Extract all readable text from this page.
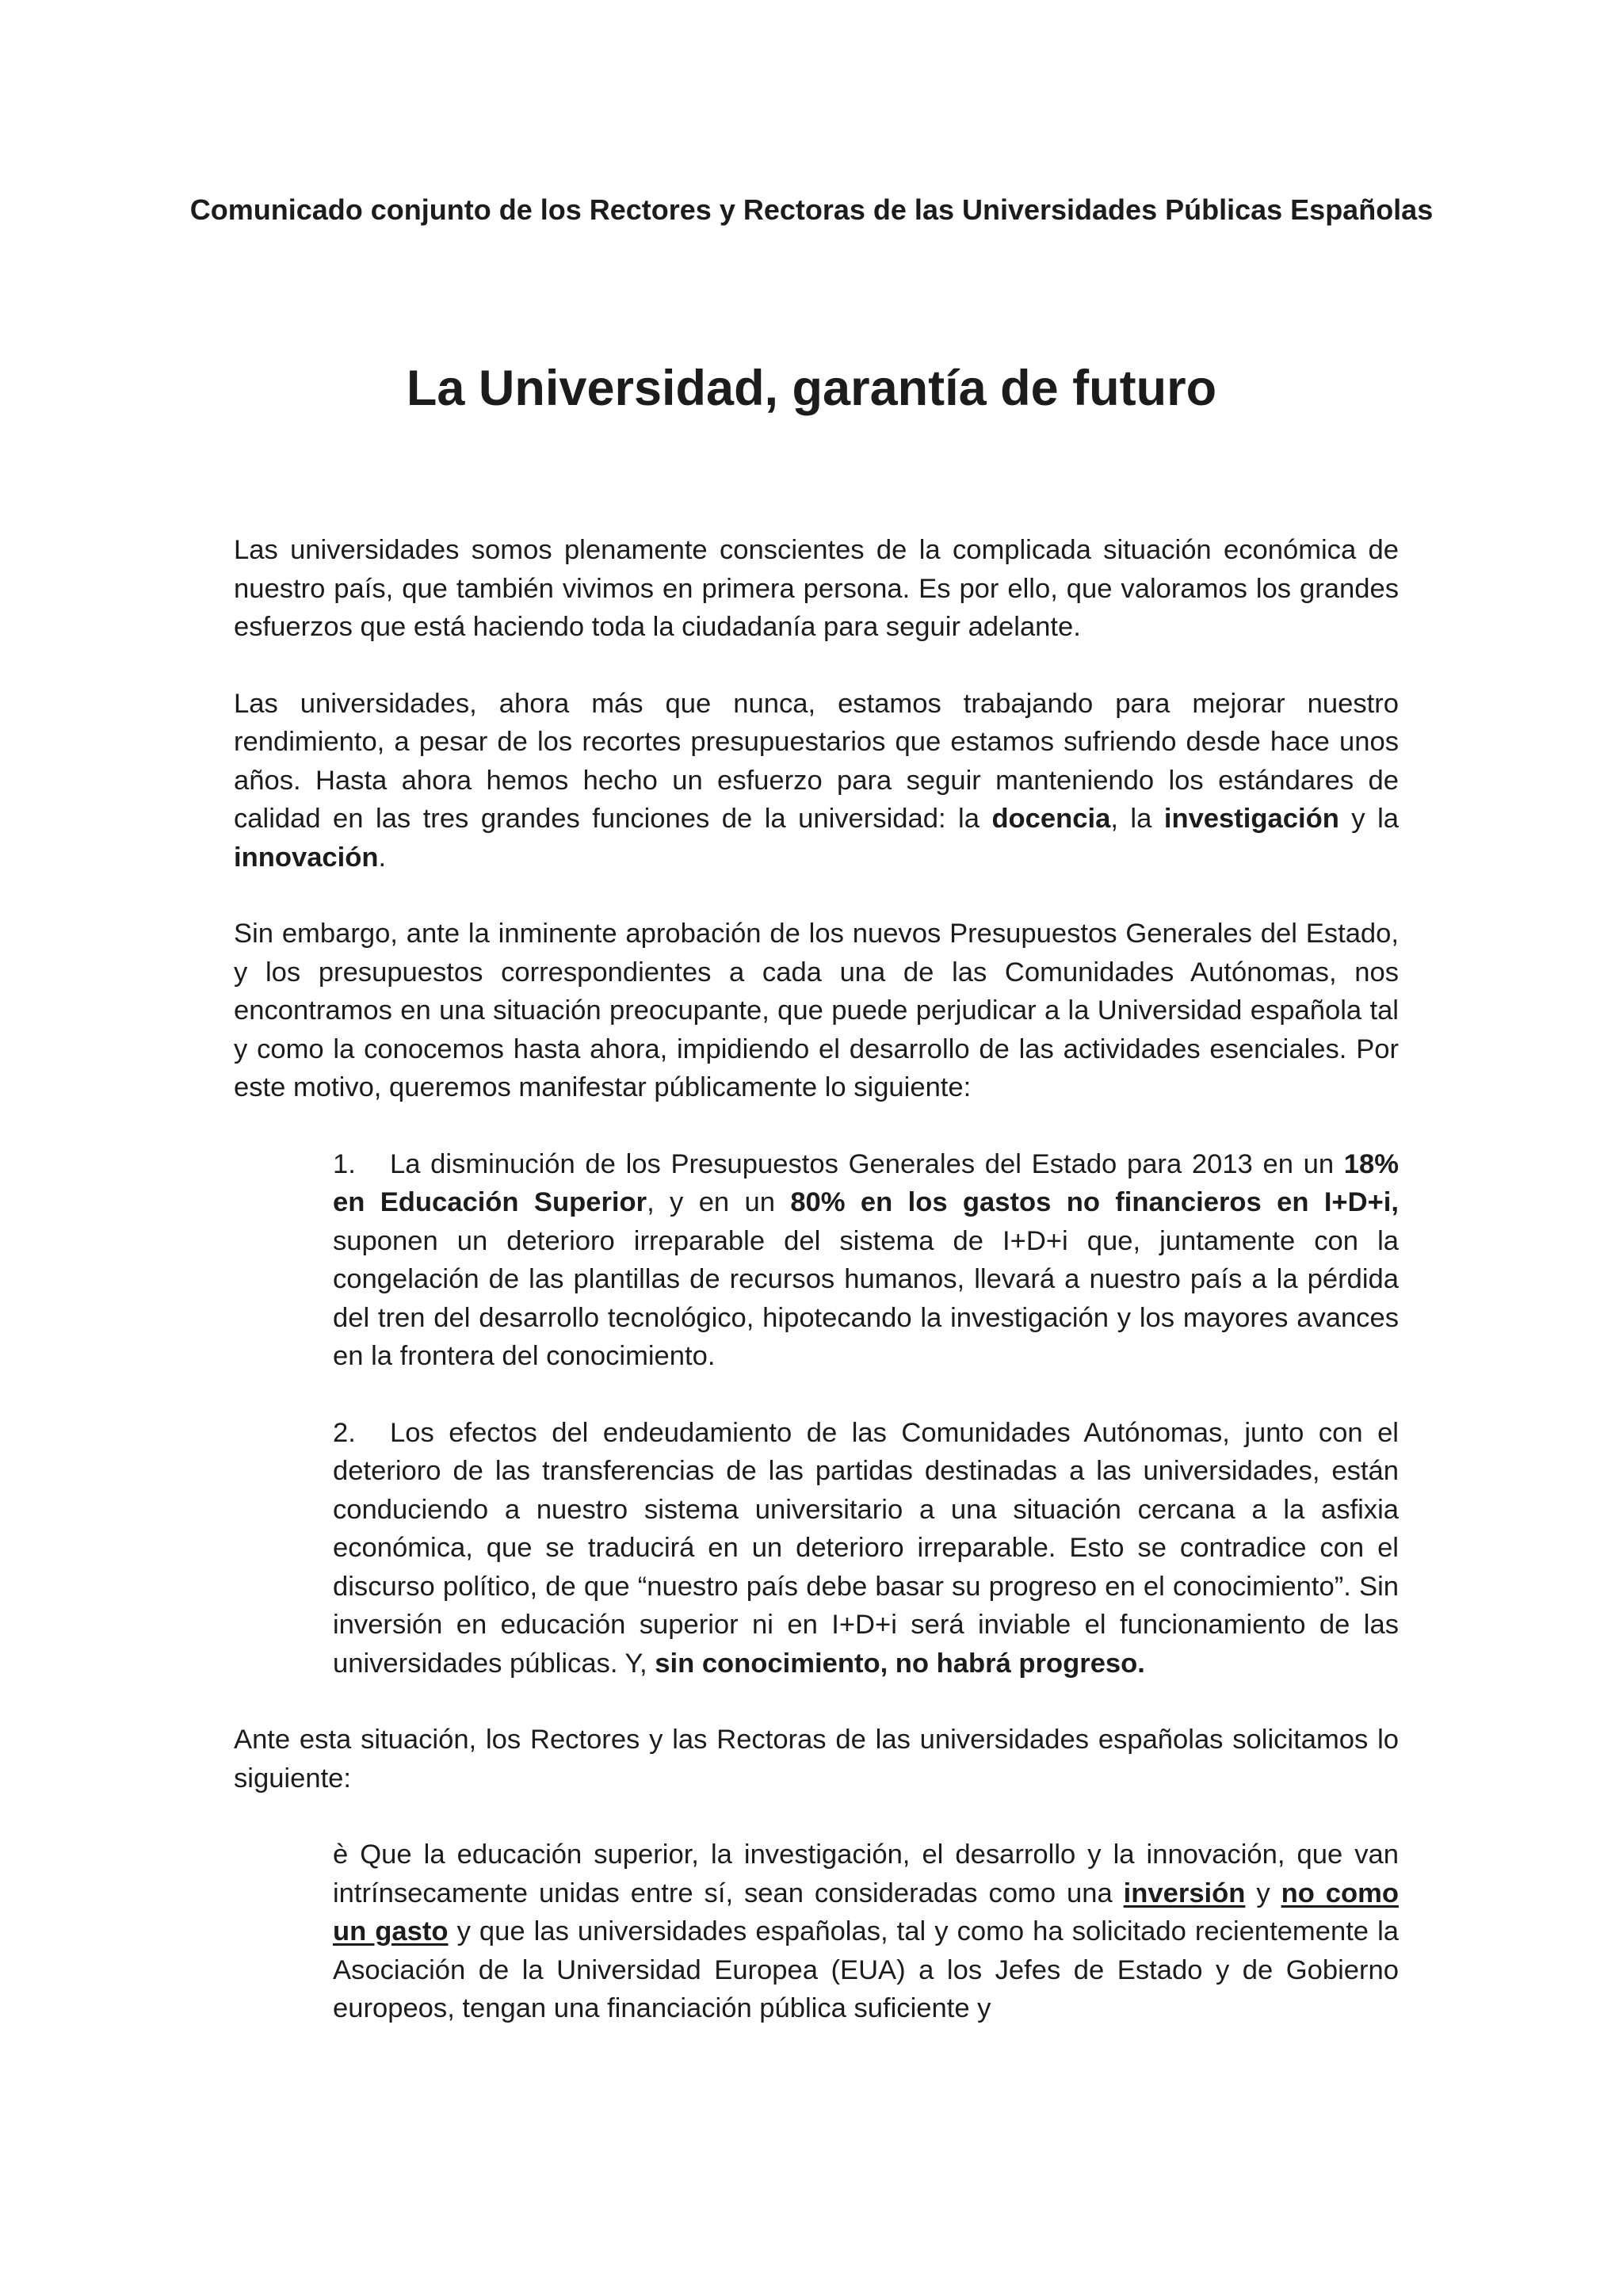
Comunicado conjunto de los Rectores y Rectoras de las Universidades Públicas Españolas
La Universidad, garantía de futuro

Las universidades somos plenamente conscientes de la complicada situación económica de nuestro país, que también vivimos en primera persona. Es por ello, que valoramos los grandes esfuerzos que está haciendo toda la ciudadanía para seguir adelante.

Las universidades, ahora más que nunca, estamos trabajando para mejorar nuestro rendimiento, a pesar de los recortes presupuestarios que estamos sufriendo desde hace unos años. Hasta ahora hemos hecho un esfuerzo para seguir manteniendo los estándares de calidad en las tres grandes funciones de la universidad: la docencia, la investigación y la innovación.

Sin embargo, ante la inminente aprobación de los nuevos Presupuestos Generales del Estado, y los presupuestos correspondientes a cada una de las Comunidades Autónomas, nos encontramos en una situación preocupante, que puede perjudicar a la Universidad española tal y como la conocemos hasta ahora, impidiendo el desarrollo de las actividades esenciales. Por este motivo, queremos manifestar públicamente lo siguiente:

1. La disminución de los Presupuestos Generales del Estado para 2013 en un 18% en Educación Superior, y en un 80% en los gastos no financieros en I+D+i, suponen un deterioro irreparable del sistema de I+D+i que, juntamente con la congelación de las plantillas de recursos humanos, llevará a nuestro país a la pérdida del tren del desarrollo tecnológico, hipotecando la investigación y los mayores avances en la frontera del conocimiento.

2. Los efectos del endeudamiento de las Comunidades Autónomas, junto con el deterioro de las transferencias de las partidas destinadas a las universidades, están conduciendo a nuestro sistema universitario a una situación cercana a la asfixia económica, que se traducirá en un deterioro irreparable. Esto se contradice con el discurso político, de que “nuestro país debe basar su progreso en el conocimiento”. Sin inversión en educación superior ni en I+D+i será inviable el funcionamiento de las universidades públicas. Y, sin conocimiento, no habrá progreso.

Ante esta situación, los Rectores y las Rectoras de las universidades españolas solicitamos lo siguiente:

è Que la educación superior, la investigación, el desarrollo y la innovación, que van intrínsecamente unidas entre sí, sean consideradas como una inversión y no como un gasto y que las universidades españolas, tal y como ha solicitado recientemente la Asociación de la Universidad Europea (EUA) a los Jefes de Estado y de Gobierno europeos, tengan una financiación pública suficiente y
